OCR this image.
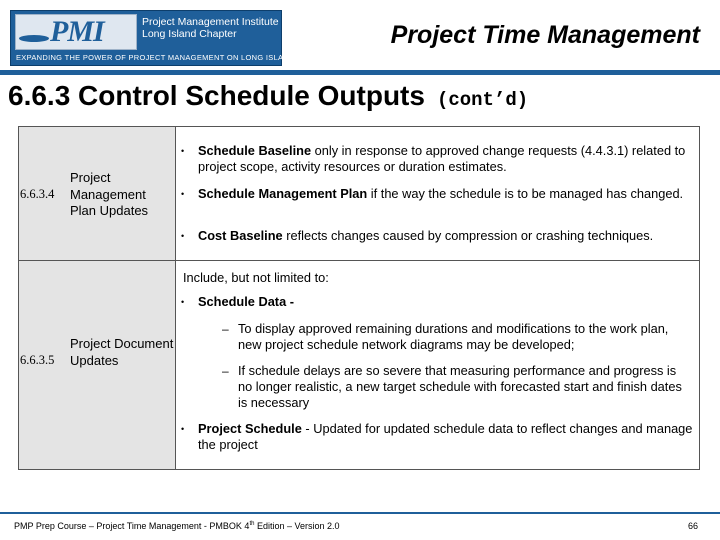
PMI	Project Management Institute
Long Island Chapter
EXPANDING THE POWER OF PROJECT MANAGEMENT ON LONG ISLAND
Project Time Management
6.6.3 Control Schedule Outputs (cont’d)
6.6.3.4
Project Management Plan Updates
• Schedule Baseline only in response to approved change requests (4.4.3.1) related to project scope, activity resources or duration estimates.
• Schedule Management Plan if the way the schedule is to be managed has changed.
• Cost Baseline reflects changes caused by compression or crashing techniques.
6.6.3.5
Project Document Updates
Include, but not limited to:
• Schedule Data -
– To display approved remaining durations and modifications to the work plan, new project schedule network diagrams may be developed;
– If schedule delays are so severe that measuring performance and progress is no longer realistic, a new target schedule with forecasted start and finish dates is necessary
• Project Schedule - Updated for updated schedule data to reflect changes and manage the project
PMP Prep Course – Project Time Management - PMBOK 4th Edition – Version 2.0	66
